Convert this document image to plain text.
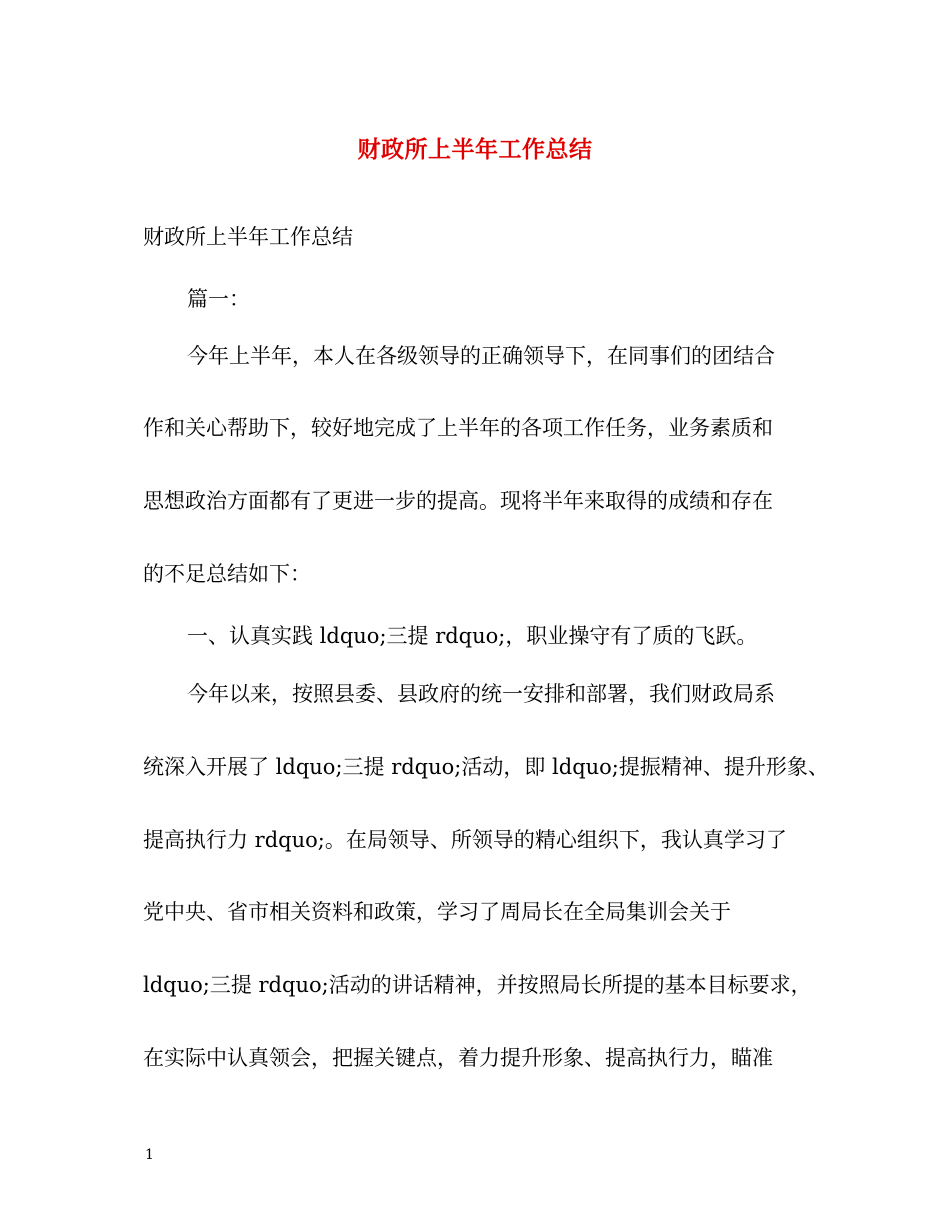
财政所上半年工作总结
财政所上半年工作总结
篇一：
今年上半年，本人在各级领导的正确领导下，在同事们的团结合
作和关心帮助下，较好地完成了上半年的各项工作任务，业务素质和
思想政治方面都有了更进一步的提高。现将半年来取得的成绩和存在
的不足总结如下：
一、认真实践 ldquo;三提 rdquo;，职业操守有了质的飞跃。
今年以来，按照县委、县政府的统一安排和部署，我们财政局系
统深入开展了 ldquo;三提 rdquo;活动，即 ldquo;提振精神、提升形象、
提高执行力 rdquo;。在局领导、所领导的精心组织下，我认真学习了
党中央、省市相关资料和政策，学习了周局长在全局集训会关于
ldquo;三提 rdquo;活动的讲话精神，并按照局长所提的基本目标要求，
在实际中认真领会，把握关键点，着力提升形象、提高执行力，瞄准
1
